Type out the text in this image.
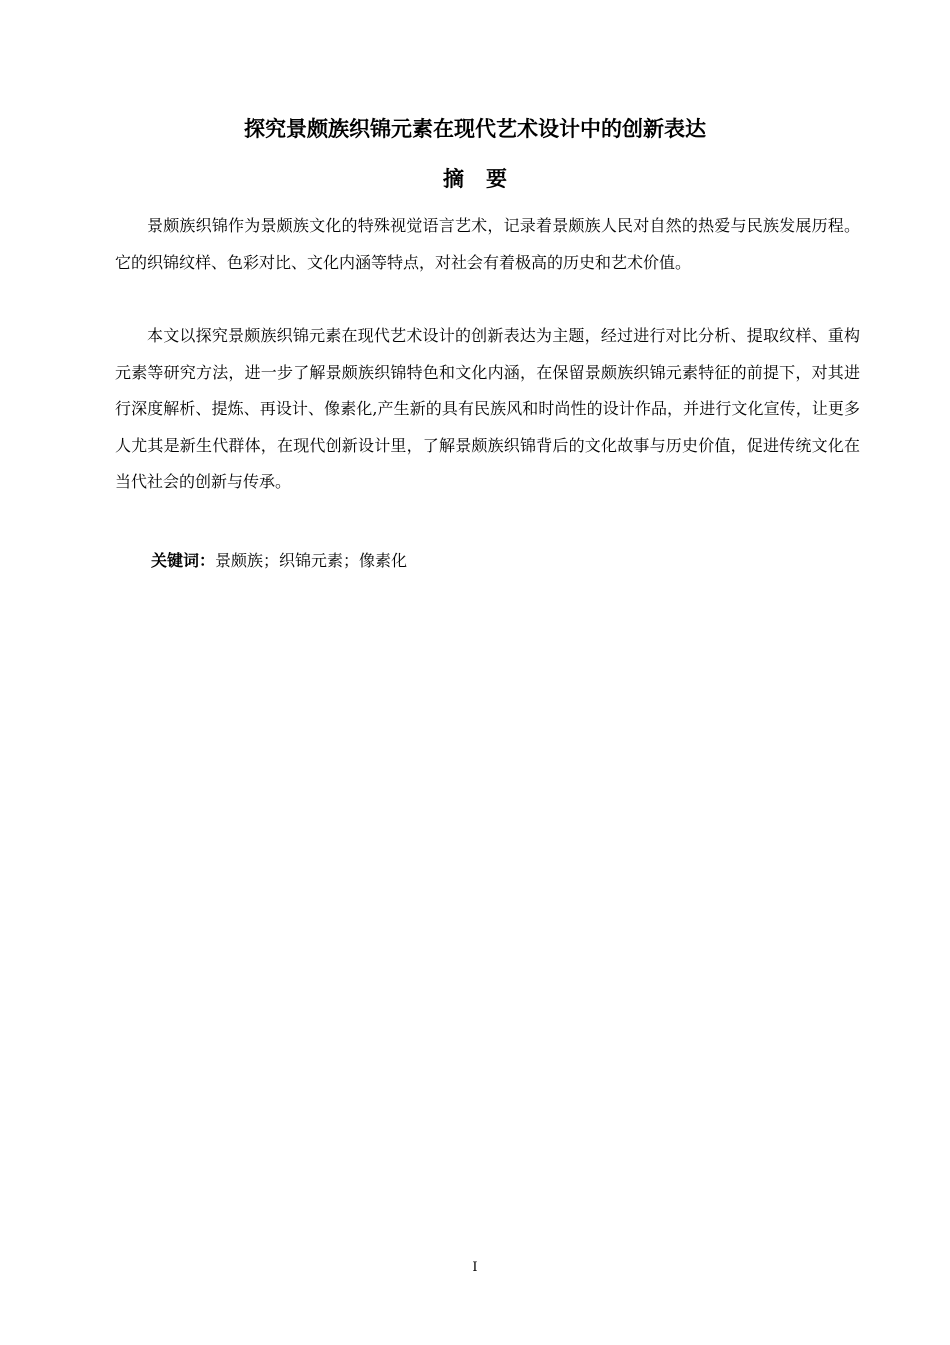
探究景颇族织锦元素在现代艺术设计中的创新表达
摘要

景颇族织锦作为景颇族文化的特殊视觉语言艺术，记录着景颇族人民对自然的热爱与民族发展历程。它的织锦纹样、色彩对比、文化内涵等特点，对社会有着极高的历史和艺术价值。

本文以探究景颇族织锦元素在现代艺术设计的创新表达为主题，经过进行对比分析、提取纹样、重构元素等研究方法，进一步了解景颇族织锦特色和文化内涵，在保留景颇族织锦元素特征的前提下，对其进行深度解析、提炼、再设计、像素化,产生新的具有民族风和时尚性的设计作品，并进行文化宣传，让更多人尤其是新生代群体，在现代创新设计里，了解景颇族织锦背后的文化故事与历史价值，促进传统文化在当代社会的创新与传承。

关键词：景颇族；织锦元素；像素化
I
